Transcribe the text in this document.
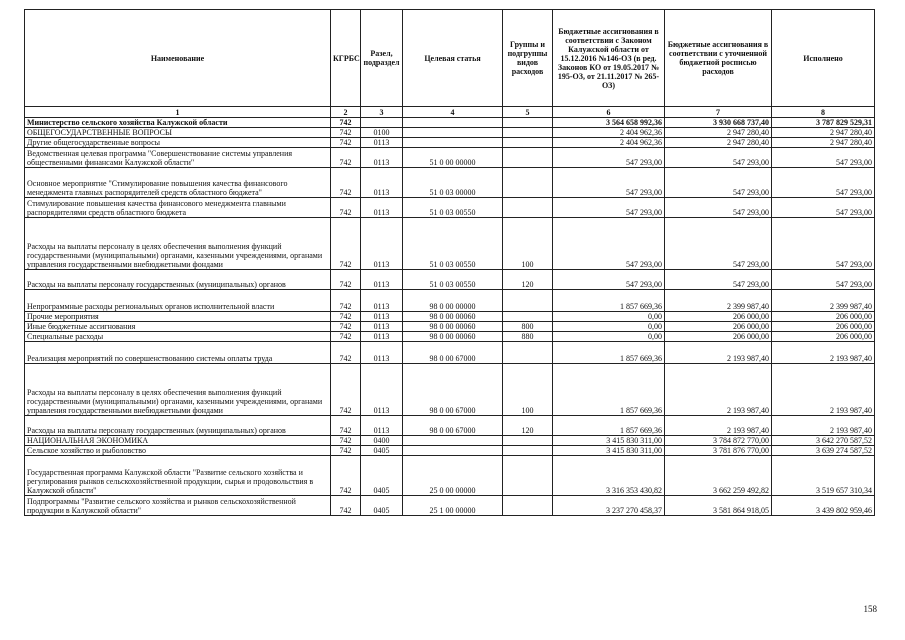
Наименование	КГРБС	Разел, подраздел	Целевая статья	Группы и подгруппы видов расходов	Бюджетные ассигнования в соответствии с Законом Калужской области от 15.12.2016 №146-ОЗ (в ред. Законов КО от 19.05.2017 № 195-ОЗ, от 21.11.2017 № 265-ОЗ)	Бюджетные ассигнования в соответствии с уточненной бюджетной росписью расходов	Исполнено
1	2	3	4	5	6	7	8
Министерство сельского хозяйства Калужской области	742				3 564 658 992,36	3 930 668 737,40	3 787 829 529,31
ОБЩЕГОСУДАРСТВЕННЫЕ ВОПРОСЫ	742	0100			2 404 962,36	2 947 280,40	2 947 280,40
Другие общегосударственные вопросы	742	0113			2 404 962,36	2 947 280,40	2 947 280,40
Ведомственная целевая программа "Совершенствование системы управления общественными финансами Калужской области"	742	0113	51 0 00 00000		547 293,00	547 293,00	547 293,00
Основное мероприятие "Стимулирование повышения качества финансового менеджмента главных распорядителей средств областного бюджета"	742	0113	51 0 03 00000		547 293,00	547 293,00	547 293,00
Стимулирование повышения качества финансового менеджмента главными распорядителями средств областного бюджета	742	0113	51 0 03 00550		547 293,00	547 293,00	547 293,00
Расходы на выплаты персоналу в целях обеспечения выполнения функций государственными (муниципальными) органами, казенными учреждениями, органами управления государственными внебюджетными фондами	742	0113	51 0 03 00550	100	547 293,00	547 293,00	547 293,00
Расходы на выплаты персоналу государственных (муниципальных) органов	742	0113	51 0 03 00550	120	547 293,00	547 293,00	547 293,00
Непрограммные расходы региональных органов исполнительной власти	742	0113	98 0 00 00000		1 857 669,36	2 399 987,40	2 399 987,40
Прочие мероприятия	742	0113	98 0 00 00060		0,00	206 000,00	206 000,00
Иные бюджетные ассигнования	742	0113	98 0 00 00060	800	0,00	206 000,00	206 000,00
Специальные расходы	742	0113	98 0 00 00060	880	0,00	206 000,00	206 000,00
Реализация мероприятий по совершенствованию системы оплаты труда	742	0113	98 0 00 67000		1 857 669,36	2 193 987,40	2 193 987,40
Расходы на выплаты персоналу в целях обеспечения выполнения функций государственными (муниципальными) органами, казенными учреждениями, органами управления государственными внебюджетными фондами	742	0113	98 0 00 67000	100	1 857 669,36	2 193 987,40	2 193 987,40
Расходы на выплаты персоналу государственных (муниципальных) органов	742	0113	98 0 00 67000	120	1 857 669,36	2 193 987,40	2 193 987,40
НАЦИОНАЛЬНАЯ ЭКОНОМИКА	742	0400			3 415 830 311,00	3 784 872 770,00	3 642 270 587,52
Сельское хозяйство и рыболовство	742	0405			3 415 830 311,00	3 781 876 770,00	3 639 274 587,52
Государственная программа Калужской области "Развитие сельского хозяйства и регулирования рынков сельскохозяйственной продукции, сырья и продовольствия в Калужской области"	742	0405	25 0 00 00000		3 316 353 430,82	3 662 259 492,82	3 519 657 310,34
Подпрограммы "Развитие сельского хозяйства и рынков сельскохозяйственной продукции в Калужской области"	742	0405	25 1 00 00000		3 237 270 458,37	3 581 864 918,05	3 439 802 959,46
158
